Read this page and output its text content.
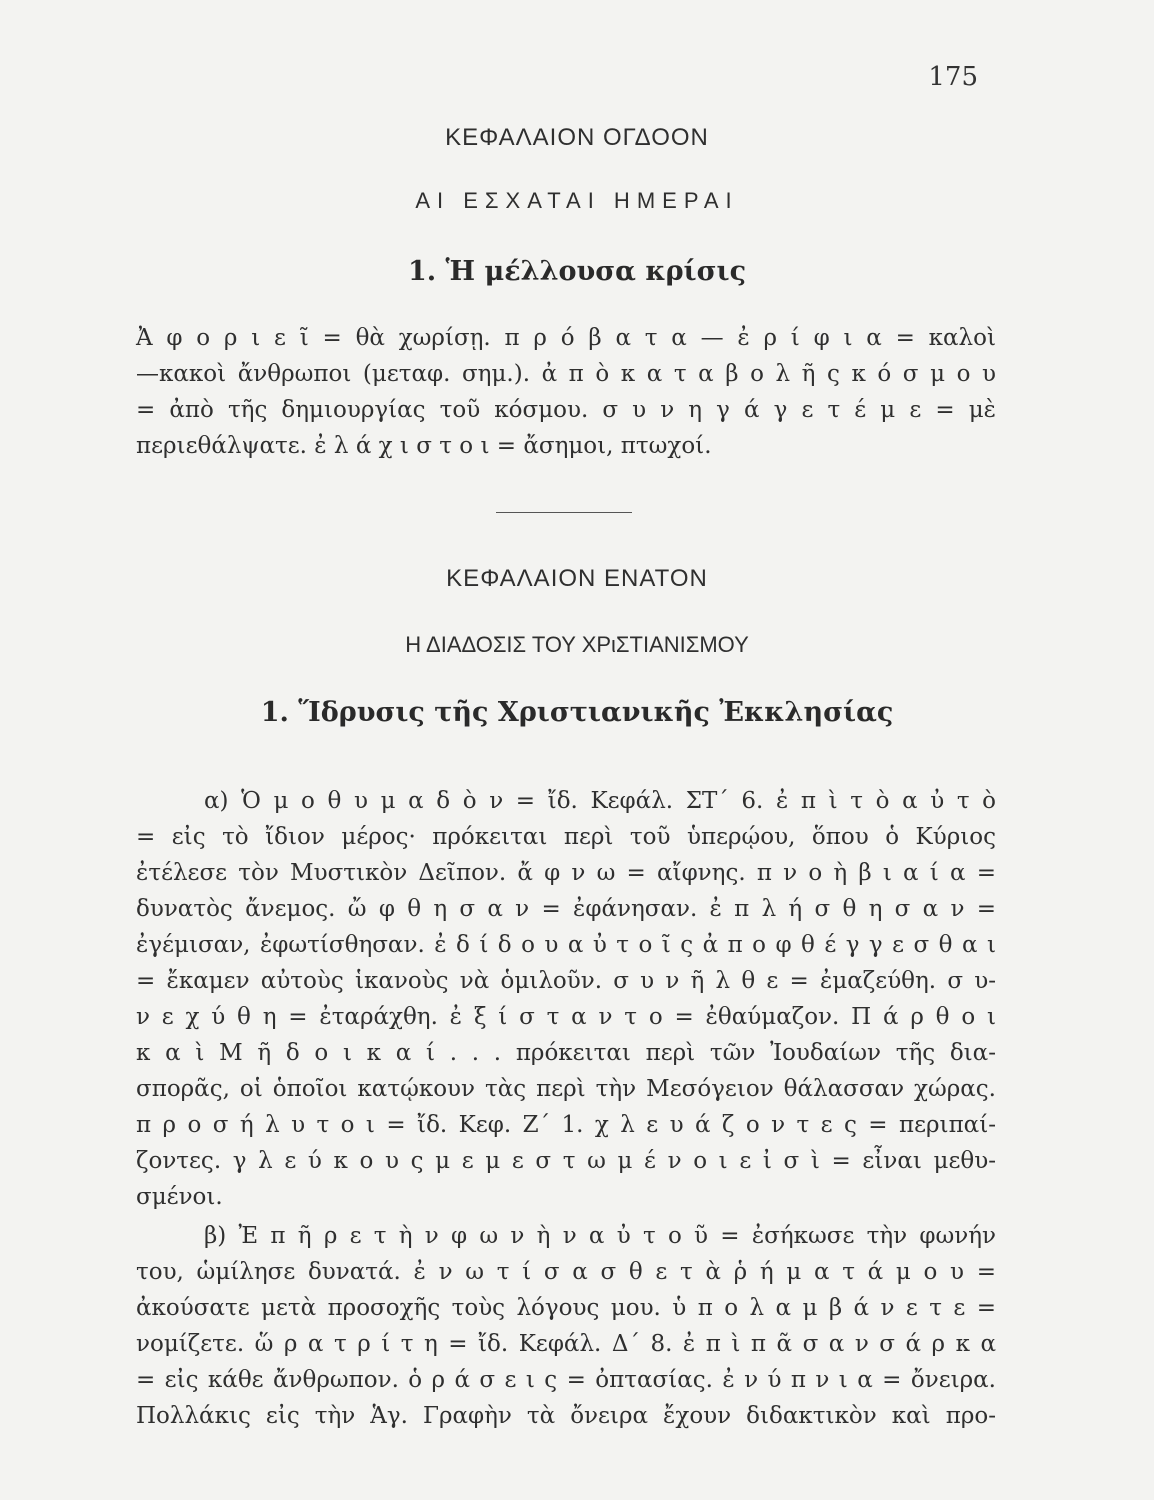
175
ΚΕΦΑΛΑΙΟΝ ΟΓΔΟΟΝ
ΑΙ ΕΣΧΑΤΑΙ ΗΜΕΡΑΙ
1. Ἡ μέλλουσα κρίσις
Ἀ φ ο ρ ι ε ῖ = θὰ χωρίσῃ. π ρ ό β α τ α — ἐ ρ ί φ ι α = καλοὶ
—κακοὶ ἄνθρωποι (μεταφ. σημ.). ἀ π ὸ κ α τ α β ο λ ῆ ς κ ό σ μ ο υ
= ἀπὸ τῆς δημιουργίας τοῦ κόσμου. σ υ ν η γ ά γ ε τ έ μ ε = μὲ
περιεθάλψατε. ἐ λ ά χ ι σ τ ο ι = ἄσημοι, πτωχοί.
ΚΕΦΑΛΑΙΟΝ ΕΝΑΤΟΝ
Η ΔΙΑΔΟΣΙΣ ΤΟΥ ΧΡιΣΤΙΑΝΙΣΜΟΥ
1. Ἵδρυσις τῆς Χριστιανικῆς Ἐκκλησίας
α) Ὁ μ ο θ υ μ α δ ὸ ν = ἴδ. Κεφάλ. ΣΤ΄ 6. ἐ π ὶ τ ὸ α ὐ τ ὸ
= εἰς τὸ ἴδιον μέρος· πρόκειται περὶ τοῦ ὑπερῴου, ὅπου ὁ Κύριος
ἐτέλεσε τὸν Μυστικὸν Δεῖπον. ἄ φ ν ω = αἴφνης. π ν ο ὴ β ι α ί α =
δυνατὸς ἄνεμος. ὤ φ θ η σ α ν = ἐφάνησαν. ἐ π λ ή σ θ η σ α ν =
ἐγέμισαν, ἐφωτίσθησαν. ἐ δ ί δ ο υ α ὐ τ ο ῖ ς ἀ π ο φ θ έ γ γ ε σ θ α ι
= ἔκαμεν αὐτοὺς ἱκανοὺς νὰ ὁμιλοῦν. σ υ ν ῆ λ θ ε = ἐμαζεύθη. σ υ-
ν ε χ ύ θ η = ἐταράχθη. ἐ ξ ί σ τ α ν τ ο = ἐθαύμαζον. Π ά ρ θ ο ι
κ α ὶ Μ ῆ δ ο ι κ α ί . . . πρόκειται περὶ τῶν Ἰουδαίων τῆς δια-
σπορᾶς, οἱ ὁποῖοι κατῴκουν τὰς περὶ τὴν Μεσόγειον θάλασσαν χώρας.
π ρ ο σ ή λ υ τ ο ι = ἴδ. Κεφ. Ζ΄ 1. χ λ ε υ ά ζ ο ν τ ε ς = περιπαί-
ζοντες. γ λ ε ύ κ ο υ ς μ ε μ ε σ τ ω μ έ ν ο ι ε ἰ σ ὶ = εἶναι μεθυ-
σμένοι.
β) Ἐ π ῆ ρ ε τ ὴ ν φ ω ν ὴ ν α ὐ τ ο ῦ = ἐσήκωσε τὴν φωνήν
του, ὡμίλησε δυνατά. ἐ ν ω τ ί σ α σ θ ε τ ὰ ῥ ή μ α τ ά μ ο υ =
ἀκούσατε μετὰ προσοχῆς τοὺς λόγους μου. ὑ π ο λ α μ β ά ν ε τ ε =
νομίζετε. ὥ ρ α τ ρ ί τ η = ἴδ. Κεφάλ. Δ΄ 8. ἐ π ὶ π ᾶ σ α ν σ ά ρ κ α
= εἰς κάθε ἄνθρωπον. ὁ ρ ά σ ε ι ς = ὀπτασίας. ἐ ν ύ π ν ι α = ὄνειρα.
Πολλάκις εἰς τὴν Ἁγ. Γραφὴν τὰ ὄνειρα ἔχουν διδακτικὸν καὶ προ-
